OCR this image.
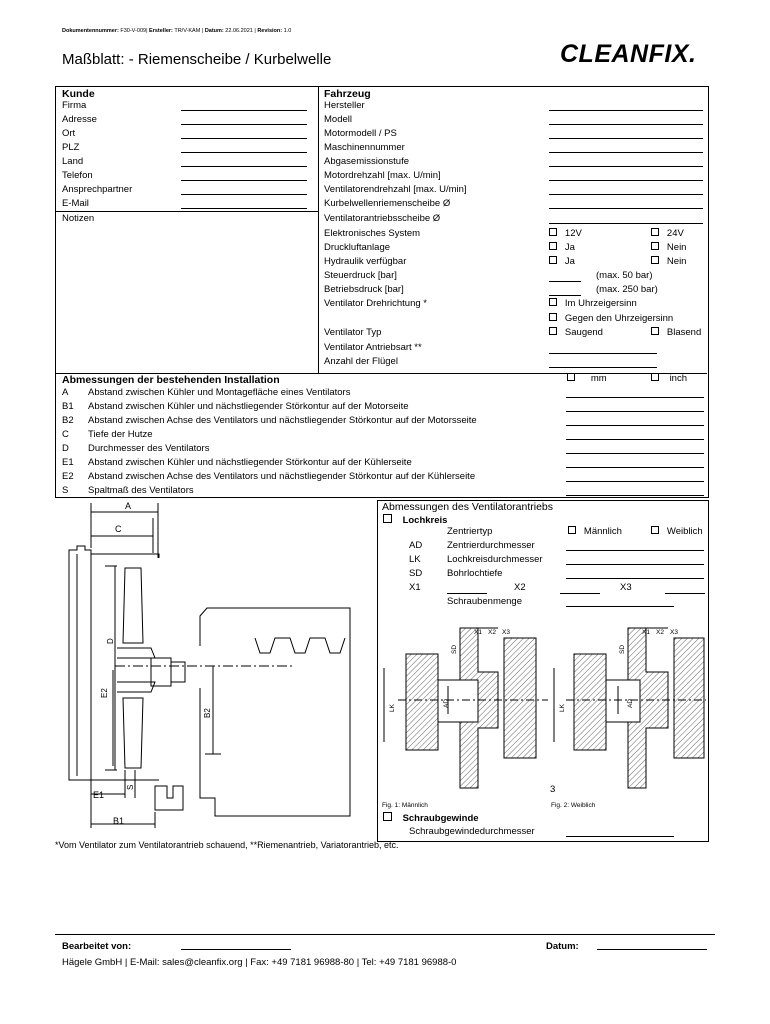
Dokumentennummer: F30-V-009| Ersteller: TR/V-KAM | Datum: 22.06.2021 | Revision: 1.0
Maßblatt: - Riemenscheibe / Kurbelwelle	CLEANFIX.
Kunde
Notizen
Fahrzeug
Elektronisches System	12V	24V
Druckluftanlage	Ja	Nein
Hydraulik verfügbar	Ja	Nein
Steuerdruck [bar]	(max. 50 bar)
Betriebsdruck [bar]	(max. 250 bar)
Ventilator Drehrichtung *	Im Uhrzeigersinn
Gegen den Uhrzeigersinn
Ventilator Typ	Saugend	Blasend
Ventilator Antriebsart **
Anzahl der Flügel
Abmessungen der bestehenden Installation	mm	inch
Abmessungen des Ventilatorantriebs
Lochkreis
Zentriertyp	Männlich	Weiblich
X1	X2	X3
Schraubenmenge
3
Fig. 1: Männlich	Fig. 2: Weiblich
Schraubgewinde
Schraubgewindedurchmesser
A
C
D
E2
B2
S
E1
B1
X1 X2 X3
SD
LK
AD
X1 X2 X3
SD
LK
AD
*Vom Ventilator zum Ventilatorantrieb schauend, **Riemenantrieb, Variatorantrieb, etc.
Bearbeitet von:	Datum:
Hägele GmbH | E-Mail: sales@cleanfix.org | Fax: +49 7181 96988-80 | Tel: +49 7181 96988-0
Firma
Adresse
Ort
PLZ
Land
Telefon
Ansprechpartner
E-Mail
Hersteller
Modell
Motormodell / PS
Maschinennummer
Abgasemissionstufe
Motordrehzahl [max. U/min]
Ventilatorendrehzahl [max. U/min]
Kurbelwellenriemenscheibe Ø
Ventilatorantriebsscheibe Ø
A Abstand zwischen Kühler und Montagefläche eines Ventilators
B1 Abstand zwischen Kühler und nächstliegender Störkontur auf der Motorseite
B2 Abstand zwischen Achse des Ventilators und nächstliegender Störkontur auf der Motorsseite
C Tiefe der Hutze
D Durchmesser des Ventilators
E1 Abstand zwischen Kühler und nächstliegender Störkontur auf der Kühlerseite
E2 Abstand zwischen Achse des Ventilators und nächstliegender Störkontur auf der Kühlerseite
S Spaltmaß des Ventilators
AD	Zentrierdurchmesser
LK	Lochkreisdurchmesser
SD	Bohrlochtiefe
